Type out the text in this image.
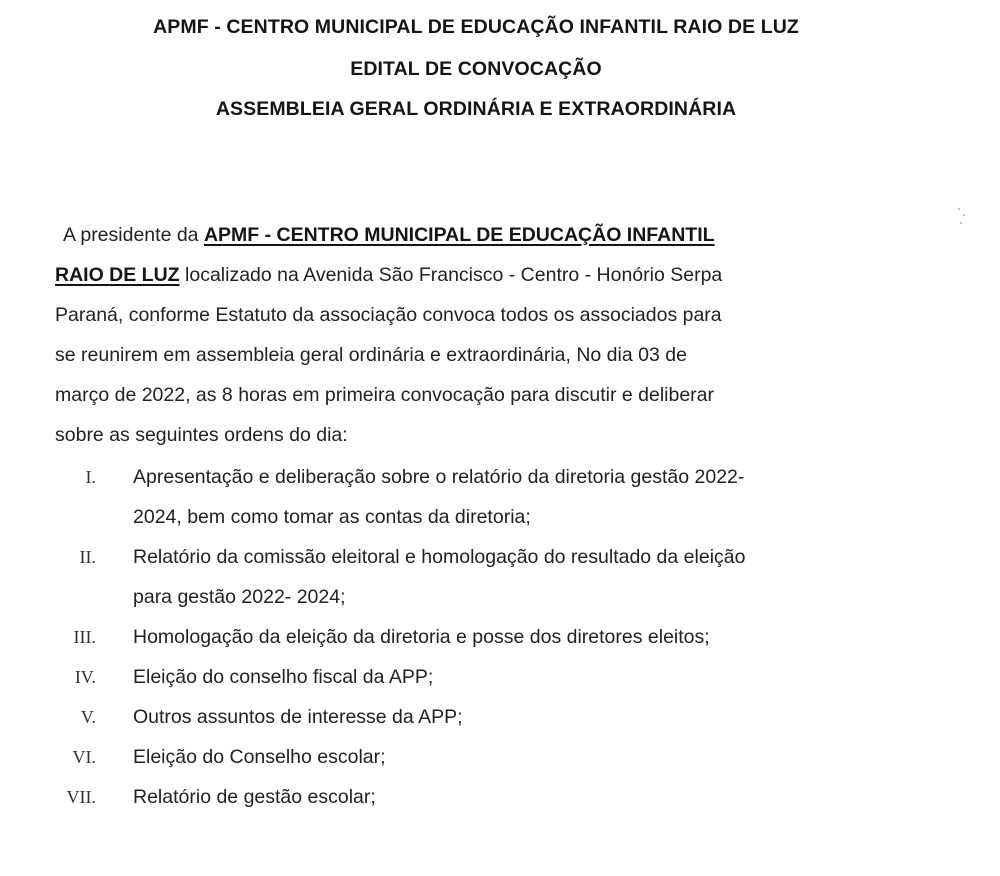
APMF - CENTRO MUNICIPAL DE EDUCAÇÃO INFANTIL RAIO DE LUZ
EDITAL DE CONVOCAÇÃO
ASSEMBLEIA GERAL ORDINÁRIA E EXTRAORDINÁRIA
A presidente da APMF - CENTRO MUNICIPAL DE EDUCAÇÃO INFANTIL
RAIO DE LUZ localizado na Avenida São Francisco - Centro - Honório Serpa
Paraná, conforme Estatuto da associação convoca todos os associados para
se reunirem em assembleia geral ordinária e extraordinária, No dia 03 de
março de 2022, as 8 horas em primeira convocação para discutir e deliberar
sobre as seguintes ordens do dia:
I. Apresentação e deliberação sobre o relatório da diretoria gestão 2022-
2024, bem como tomar as contas da diretoria;
II. Relatório da comissão eleitoral e homologação do resultado da eleição
para gestão 2022- 2024;
III. Homologação da eleição da diretoria e posse dos diretores eleitos;
IV. Eleição do conselho fiscal da APP;
V. Outros assuntos de interesse da APP;
VI. Eleição do Conselho escolar;
VII. Relatório de gestão escolar;
